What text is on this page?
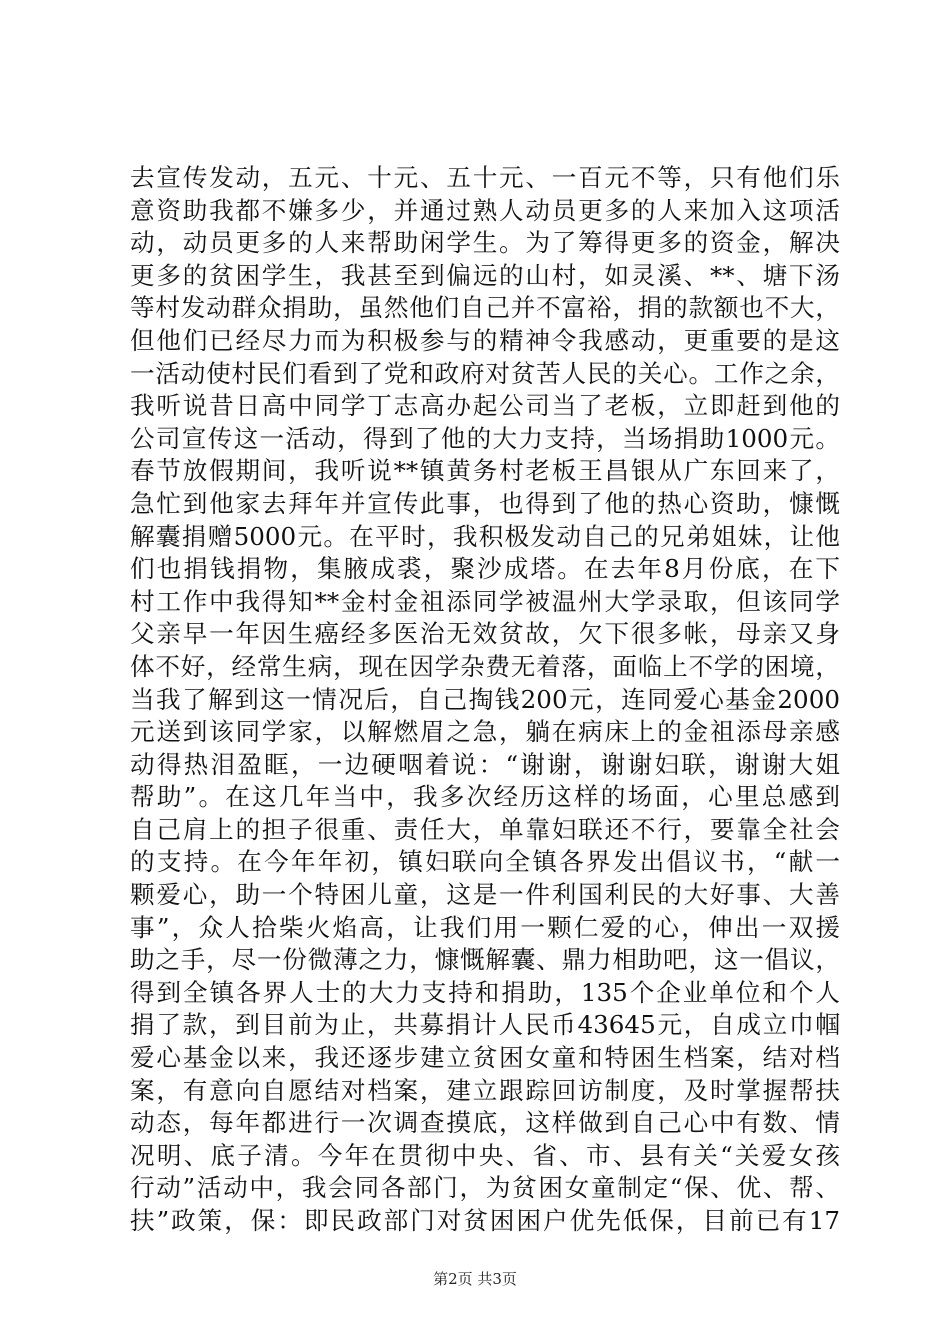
去宣传发动，五元、十元、五十元、一百元不等，只有他们乐
意资助我都不嫌多少，并通过熟人动员更多的人来加入这项活
动，动员更多的人来帮助闲学生。为了筹得更多的资金，解决
更多的贫困学生，我甚至到偏远的山村，如灵溪、**、塘下汤
等村发动群众捐助，虽然他们自己并不富裕，捐的款额也不大，
但他们已经尽力而为积极参与的精神令我感动，更重要的是这
一活动使村民们看到了党和政府对贫苦人民的关心。工作之余，
我听说昔日高中同学丁志高办起公司当了老板，立即赶到他的
公司宣传这一活动，得到了他的大力支持，当场捐助1000元。
春节放假期间，我听说**镇黄务村老板王昌银从广东回来了，
急忙到他家去拜年并宣传此事，也得到了他的热心资助，慷慨
解囊捐赠5000元。在平时，我积极发动自己的兄弟姐妹，让他
们也捐钱捐物，集腋成裘，聚沙成塔。在去年8月份底，在下
村工作中我得知**金村金祖添同学被温州大学录取，但该同学
父亲早一年因生癌经多医治无效贫故，欠下很多帐，母亲又身
体不好，经常生病，现在因学杂费无着落，面临上不学的困境，
当我了解到这一情况后，自己掏钱200元，连同爱心基金2000
元送到该同学家，以解燃眉之急，躺在病床上的金祖添母亲感
动得热泪盈眶，一边硬咽着说：“谢谢，谢谢妇联，谢谢大姐
帮助”。在这几年当中，我多次经历这样的场面，心里总感到
自己肩上的担子很重、责任大，单靠妇联还不行，要靠全社会
的支持。在今年年初，镇妇联向全镇各界发出倡议书，“献一
颗爱心，助一个特困儿童，这是一件利国利民的大好事、大善
事”，众人拾柴火焰高，让我们用一颗仁爱的心，伸出一双援
助之手，尽一份微薄之力，慷慨解囊、鼎力相助吧，这一倡议，
得到全镇各界人士的大力支持和捐助，135个企业单位和个人
捐了款，到目前为止，共募捐计人民币43645元，自成立巾帼
爱心基金以来，我还逐步建立贫困女童和特困生档案，结对档
案，有意向自愿结对档案，建立跟踪回访制度，及时掌握帮扶
动态，每年都进行一次调查摸底，这样做到自己心中有数、情
况明、底子清。今年在贯彻中央、省、市、县有关“关爱女孩
行动”活动中，我会同各部门，为贫困女童制定“保、优、帮、
扶”政策，保：即民政部门对贫困困户优先低保，目前已有17
第2页 共3页
